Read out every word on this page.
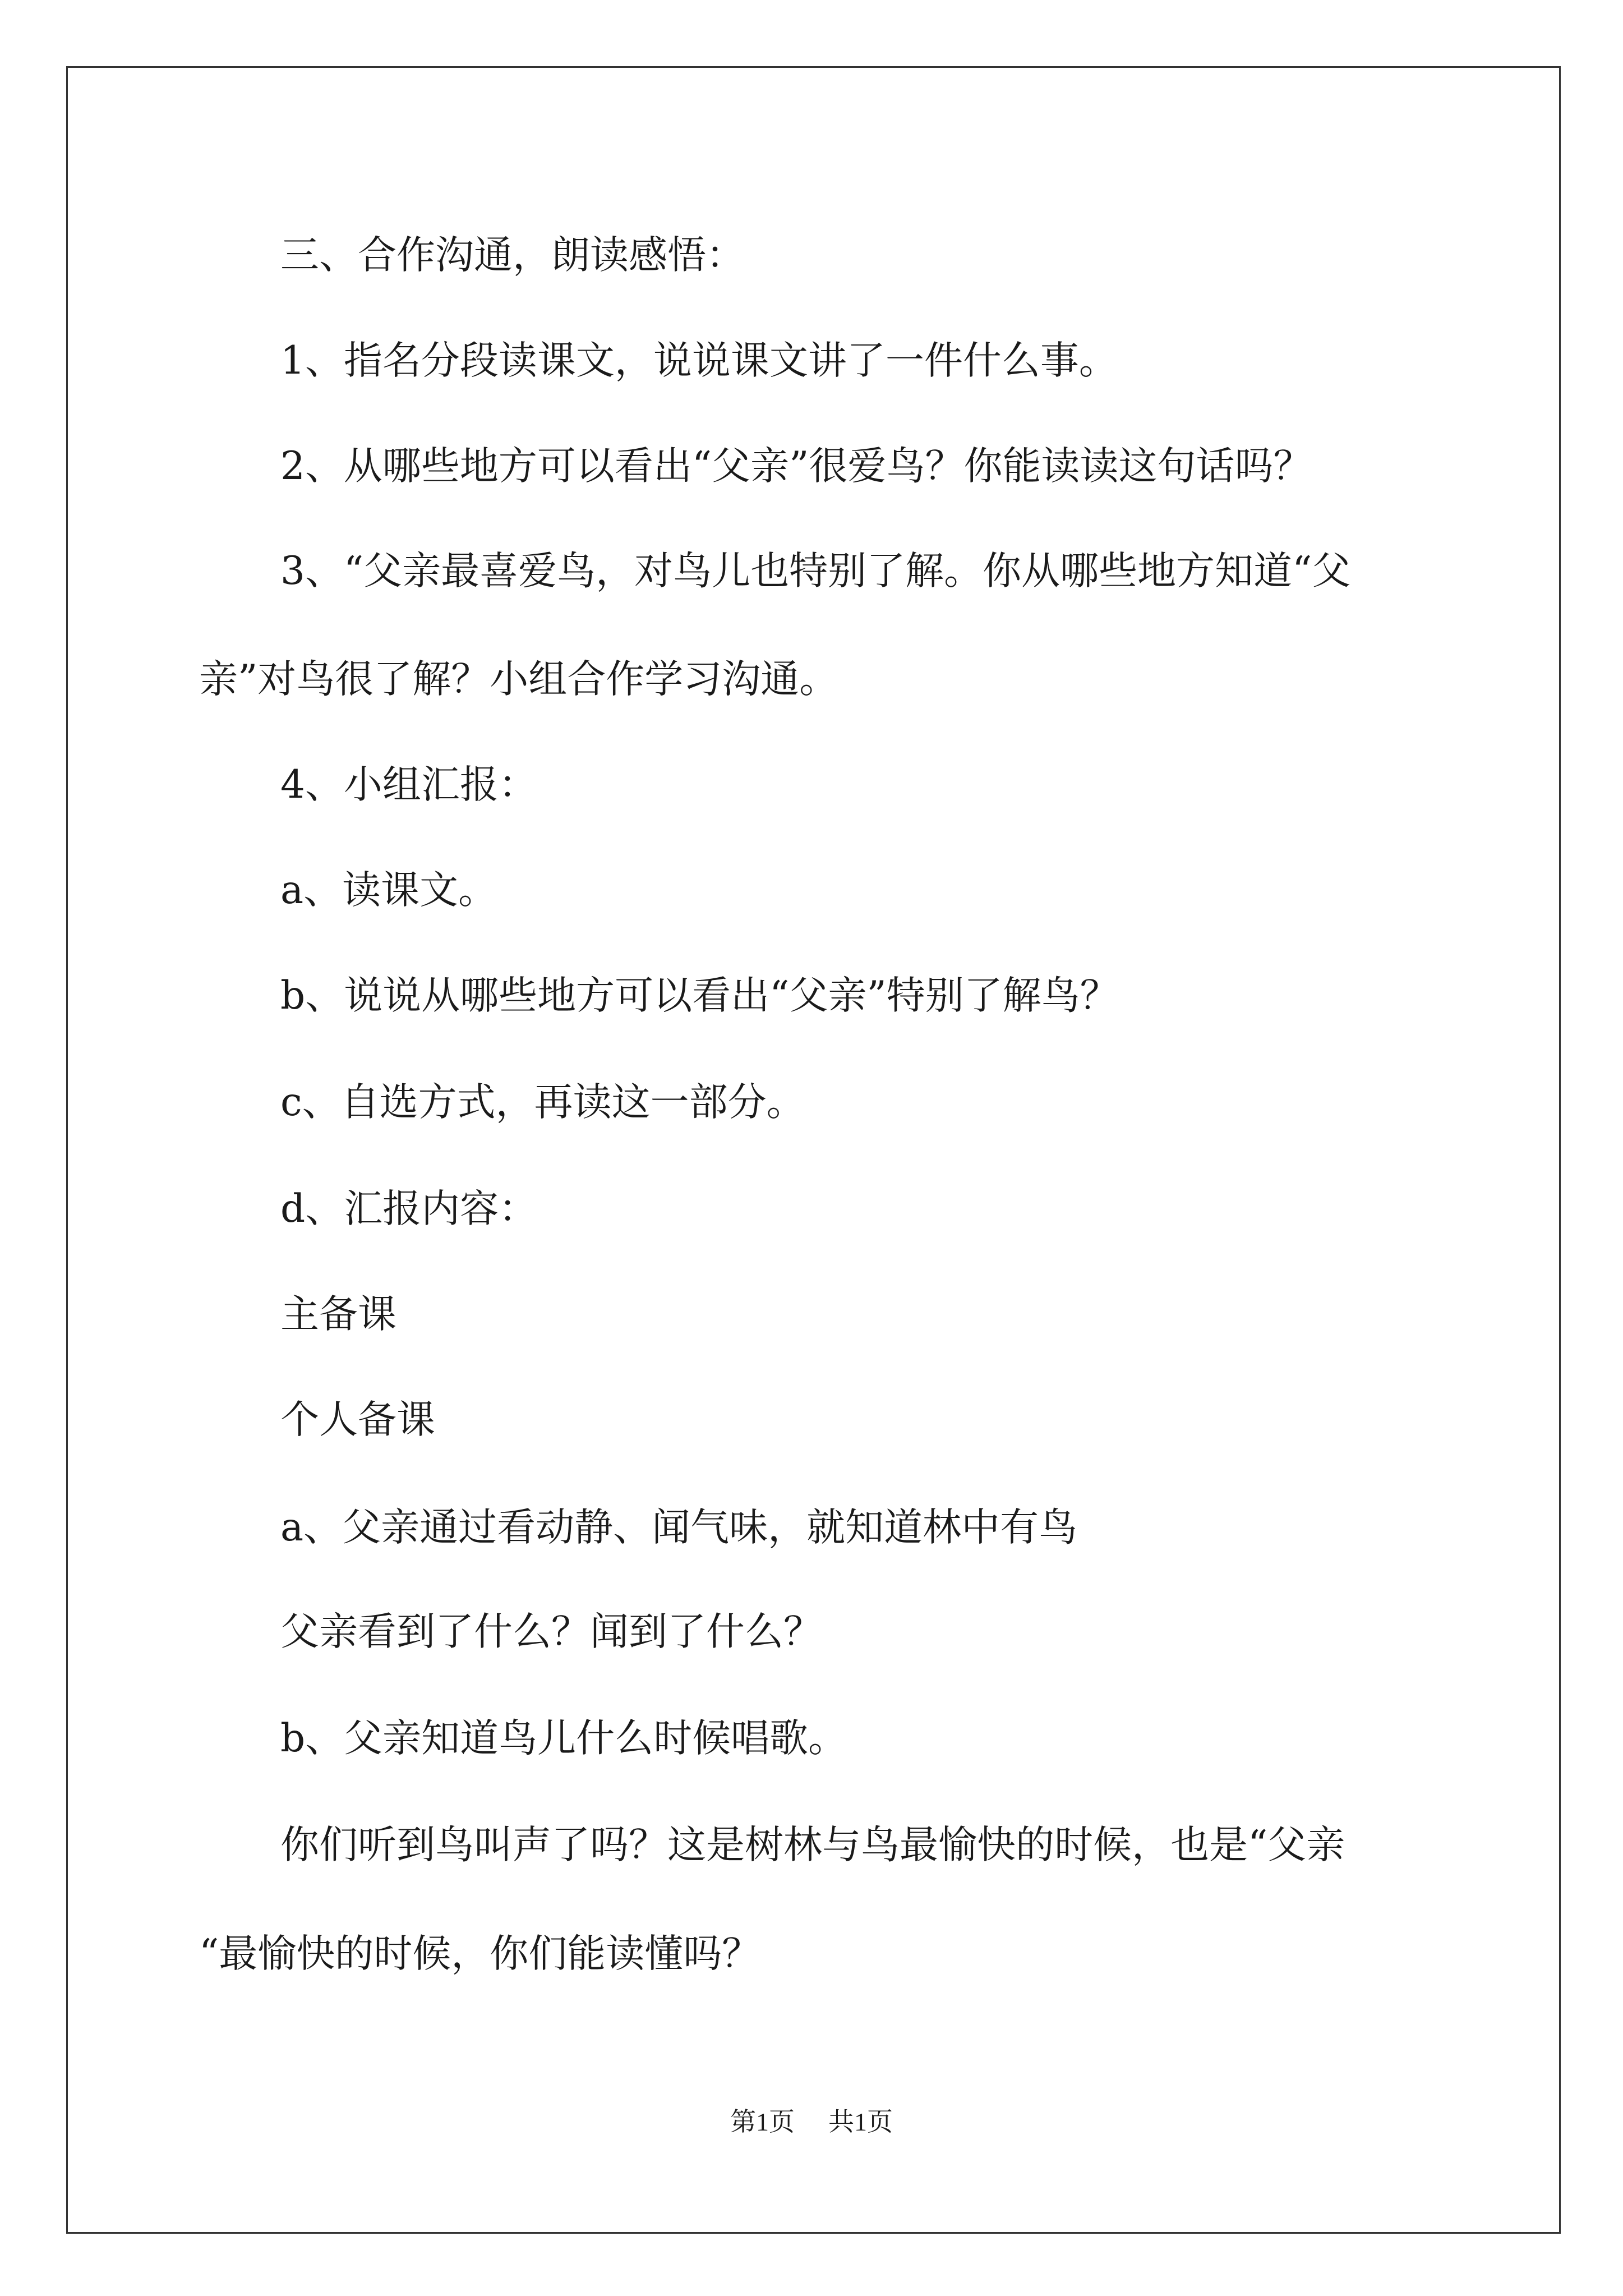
三、合作沟通，朗读感悟：
1、指名分段读课文，说说课文讲了一件什么事。
2、从哪些地方可以看出“父亲”很爱鸟？你能读读这句话吗？
3、“父亲最喜爱鸟，对鸟儿也特别了解。你从哪些地方知道“父
亲”对鸟很了解？小组合作学习沟通。
4、小组汇报：
a、读课文。
b、说说从哪些地方可以看出“父亲”特别了解鸟？
c、自选方式，再读这一部分。
d、汇报内容：
主备课
个人备课
a、父亲通过看动静、闻气味，就知道林中有鸟
父亲看到了什么？闻到了什么？
b、父亲知道鸟儿什么时候唱歌。
你们听到鸟叫声了吗？这是树林与鸟最愉快的时候，也是“父亲
“最愉快的时候，你们能读懂吗？
第1页 共1页
